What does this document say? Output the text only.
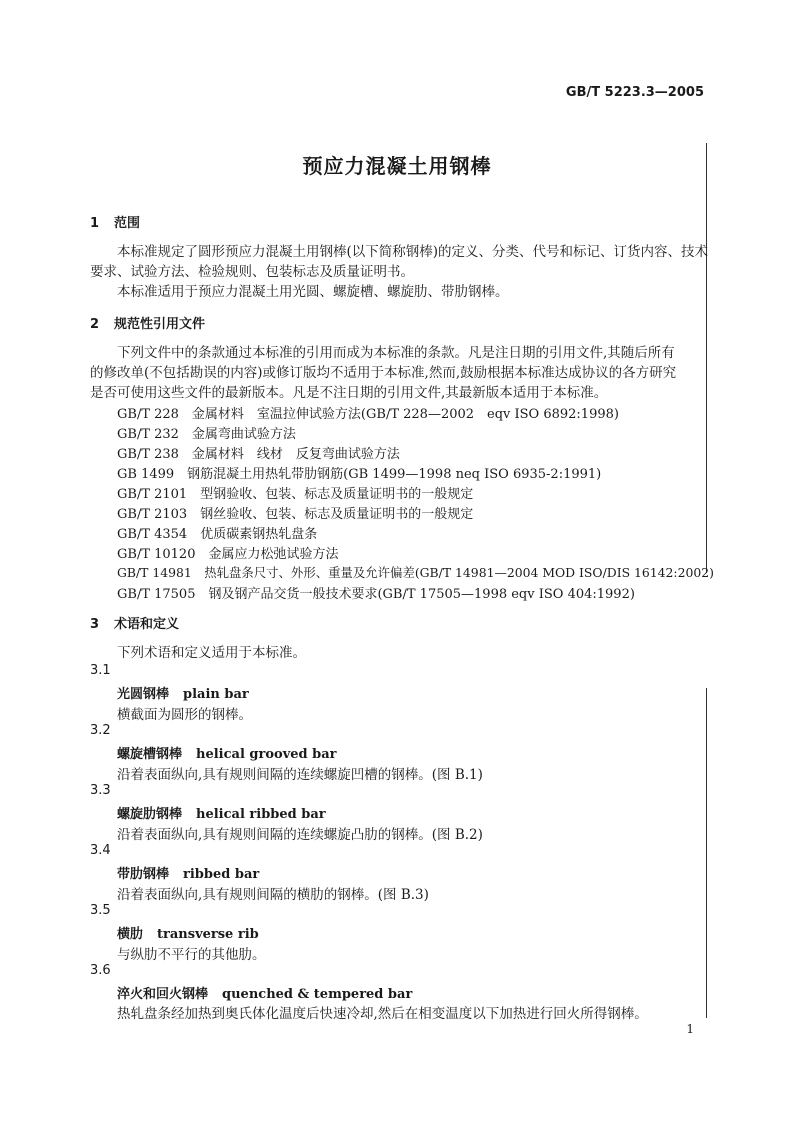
GB/T 5223.3—2005
预应力混凝土用钢棒
1 范围
本标准规定了圆形预应力混凝土用钢棒(以下简称钢棒)的定义、分类、代号和标记、订货内容、技术
要求、试验方法、检验规则、包装标志及质量证明书。
本标准适用于预应力混凝土用光圆、螺旋槽、螺旋肋、带肋钢棒。
2 规范性引用文件
下列文件中的条款通过本标准的引用而成为本标准的条款。凡是注日期的引用文件,其随后所有
的修改单(不包括勘误的内容)或修订版均不适用于本标准,然而,鼓励根据本标准达成协议的各方研究
是否可使用这些文件的最新版本。凡是不注日期的引用文件,其最新版本适用于本标准。
GB/T 228　金属材料　室温拉伸试验方法(GB/T 228—2002　eqv ISO 6892:1998)
GB/T 232　金属弯曲试验方法
GB/T 238　金属材料　线材　反复弯曲试验方法
GB 1499　钢筋混凝土用热轧带肋钢筋(GB 1499—1998 neq ISO 6935-2:1991)
GB/T 2101　型钢验收、包装、标志及质量证明书的一般规定
GB/T 2103　钢丝验收、包装、标志及质量证明书的一般规定
GB/T 4354　优质碳素钢热轧盘条
GB/T 10120　金属应力松弛试验方法
GB/T 14981　热轧盘条尺寸、外形、重量及允许偏差(GB/T 14981—2004 MOD ISO/DIS 16142:2002)
GB/T 17505　钢及钢产品交货一般技术要求(GB/T 17505—1998 eqv ISO 404:1992)
3 术语和定义
下列术语和定义适用于本标准。
3.1
光圆钢棒 plain bar
横截面为圆形的钢棒。
3.2
螺旋槽钢棒 helical grooved bar
沿着表面纵向,具有规则间隔的连续螺旋凹槽的钢棒。(图 B.1)
3.3
螺旋肋钢棒 helical ribbed bar
沿着表面纵向,具有规则间隔的连续螺旋凸肋的钢棒。(图 B.2)
3.4
带肋钢棒 ribbed bar
沿着表面纵向,具有规则间隔的横肋的钢棒。(图 B.3)
3.5
横肋 transverse rib
与纵肋不平行的其他肋。
3.6
淬火和回火钢棒 quenched & tempered bar
热轧盘条经加热到奥氏体化温度后快速冷却,然后在相变温度以下加热进行回火所得钢棒。
1
